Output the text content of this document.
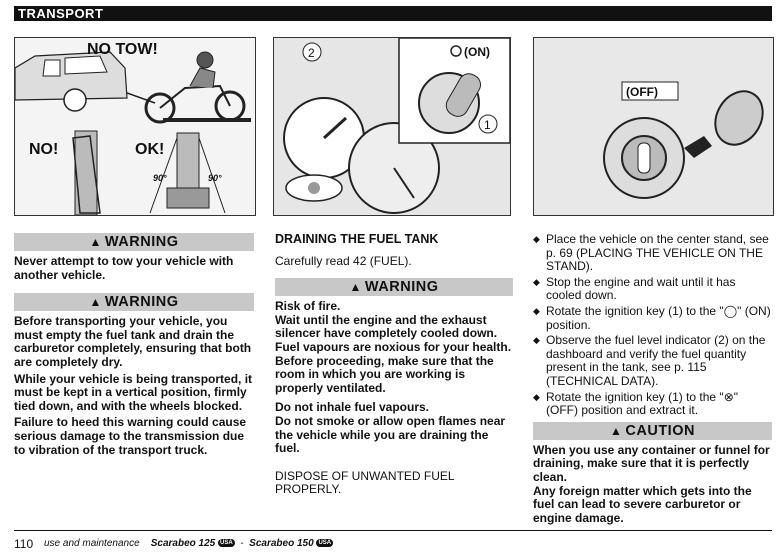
TRANSPORT
NO TOW!
NO!	OK!
90°	90°
2
1
(ON)
(OFF)
▲ WARNING

Never attempt to tow your vehicle with another vehicle.

▲ WARNING

Before transporting your vehicle, you must empty the fuel tank and drain the carburetor completely, ensuring that both are completely dry.

While your vehicle is being transported, it must be kept in a vertical position, firmly tied down, and with the wheels blocked.

Failure to heed this warning could cause serious damage to the transmission due to vibration of the transport truck.

DRAINING THE FUEL TANK

Carefully read 42 (FUEL).

▲ WARNING

Risk of fire.

Wait until the engine and the exhaust silencer have completely cooled down. Fuel vapours are noxious for your health.

Before proceeding, make sure that the room in which you are working is properly ventilated.

Do not inhale fuel vapours.

Do not smoke or allow open flames near the vehicle while you are draining the fuel.

DISPOSE OF UNWANTED FUEL PROPERLY.

◆ Place the vehicle on the center stand, see p. 69 (PLACING THE VEHICLE ON THE STAND).
◆ Stop the engine and wait until it has cooled down.
◆ Rotate the ignition key (1) to the "◯" (ON) position.
◆ Observe the fuel level indicator (2) on the dashboard and verify the fuel quantity present in the tank, see p. 115 (TECHNICAL DATA).
◆ Rotate the ignition key (1) to the "⊗" (OFF) position and extract it.
▲ CAUTION

When you use any container or funnel for draining, make sure that it is perfectly clean.

Any foreign matter which gets into the fuel can lead to severe carburetor or engine damage.

110 use and maintenance Scarabeo 125 USA - Scarabeo 150 USA
